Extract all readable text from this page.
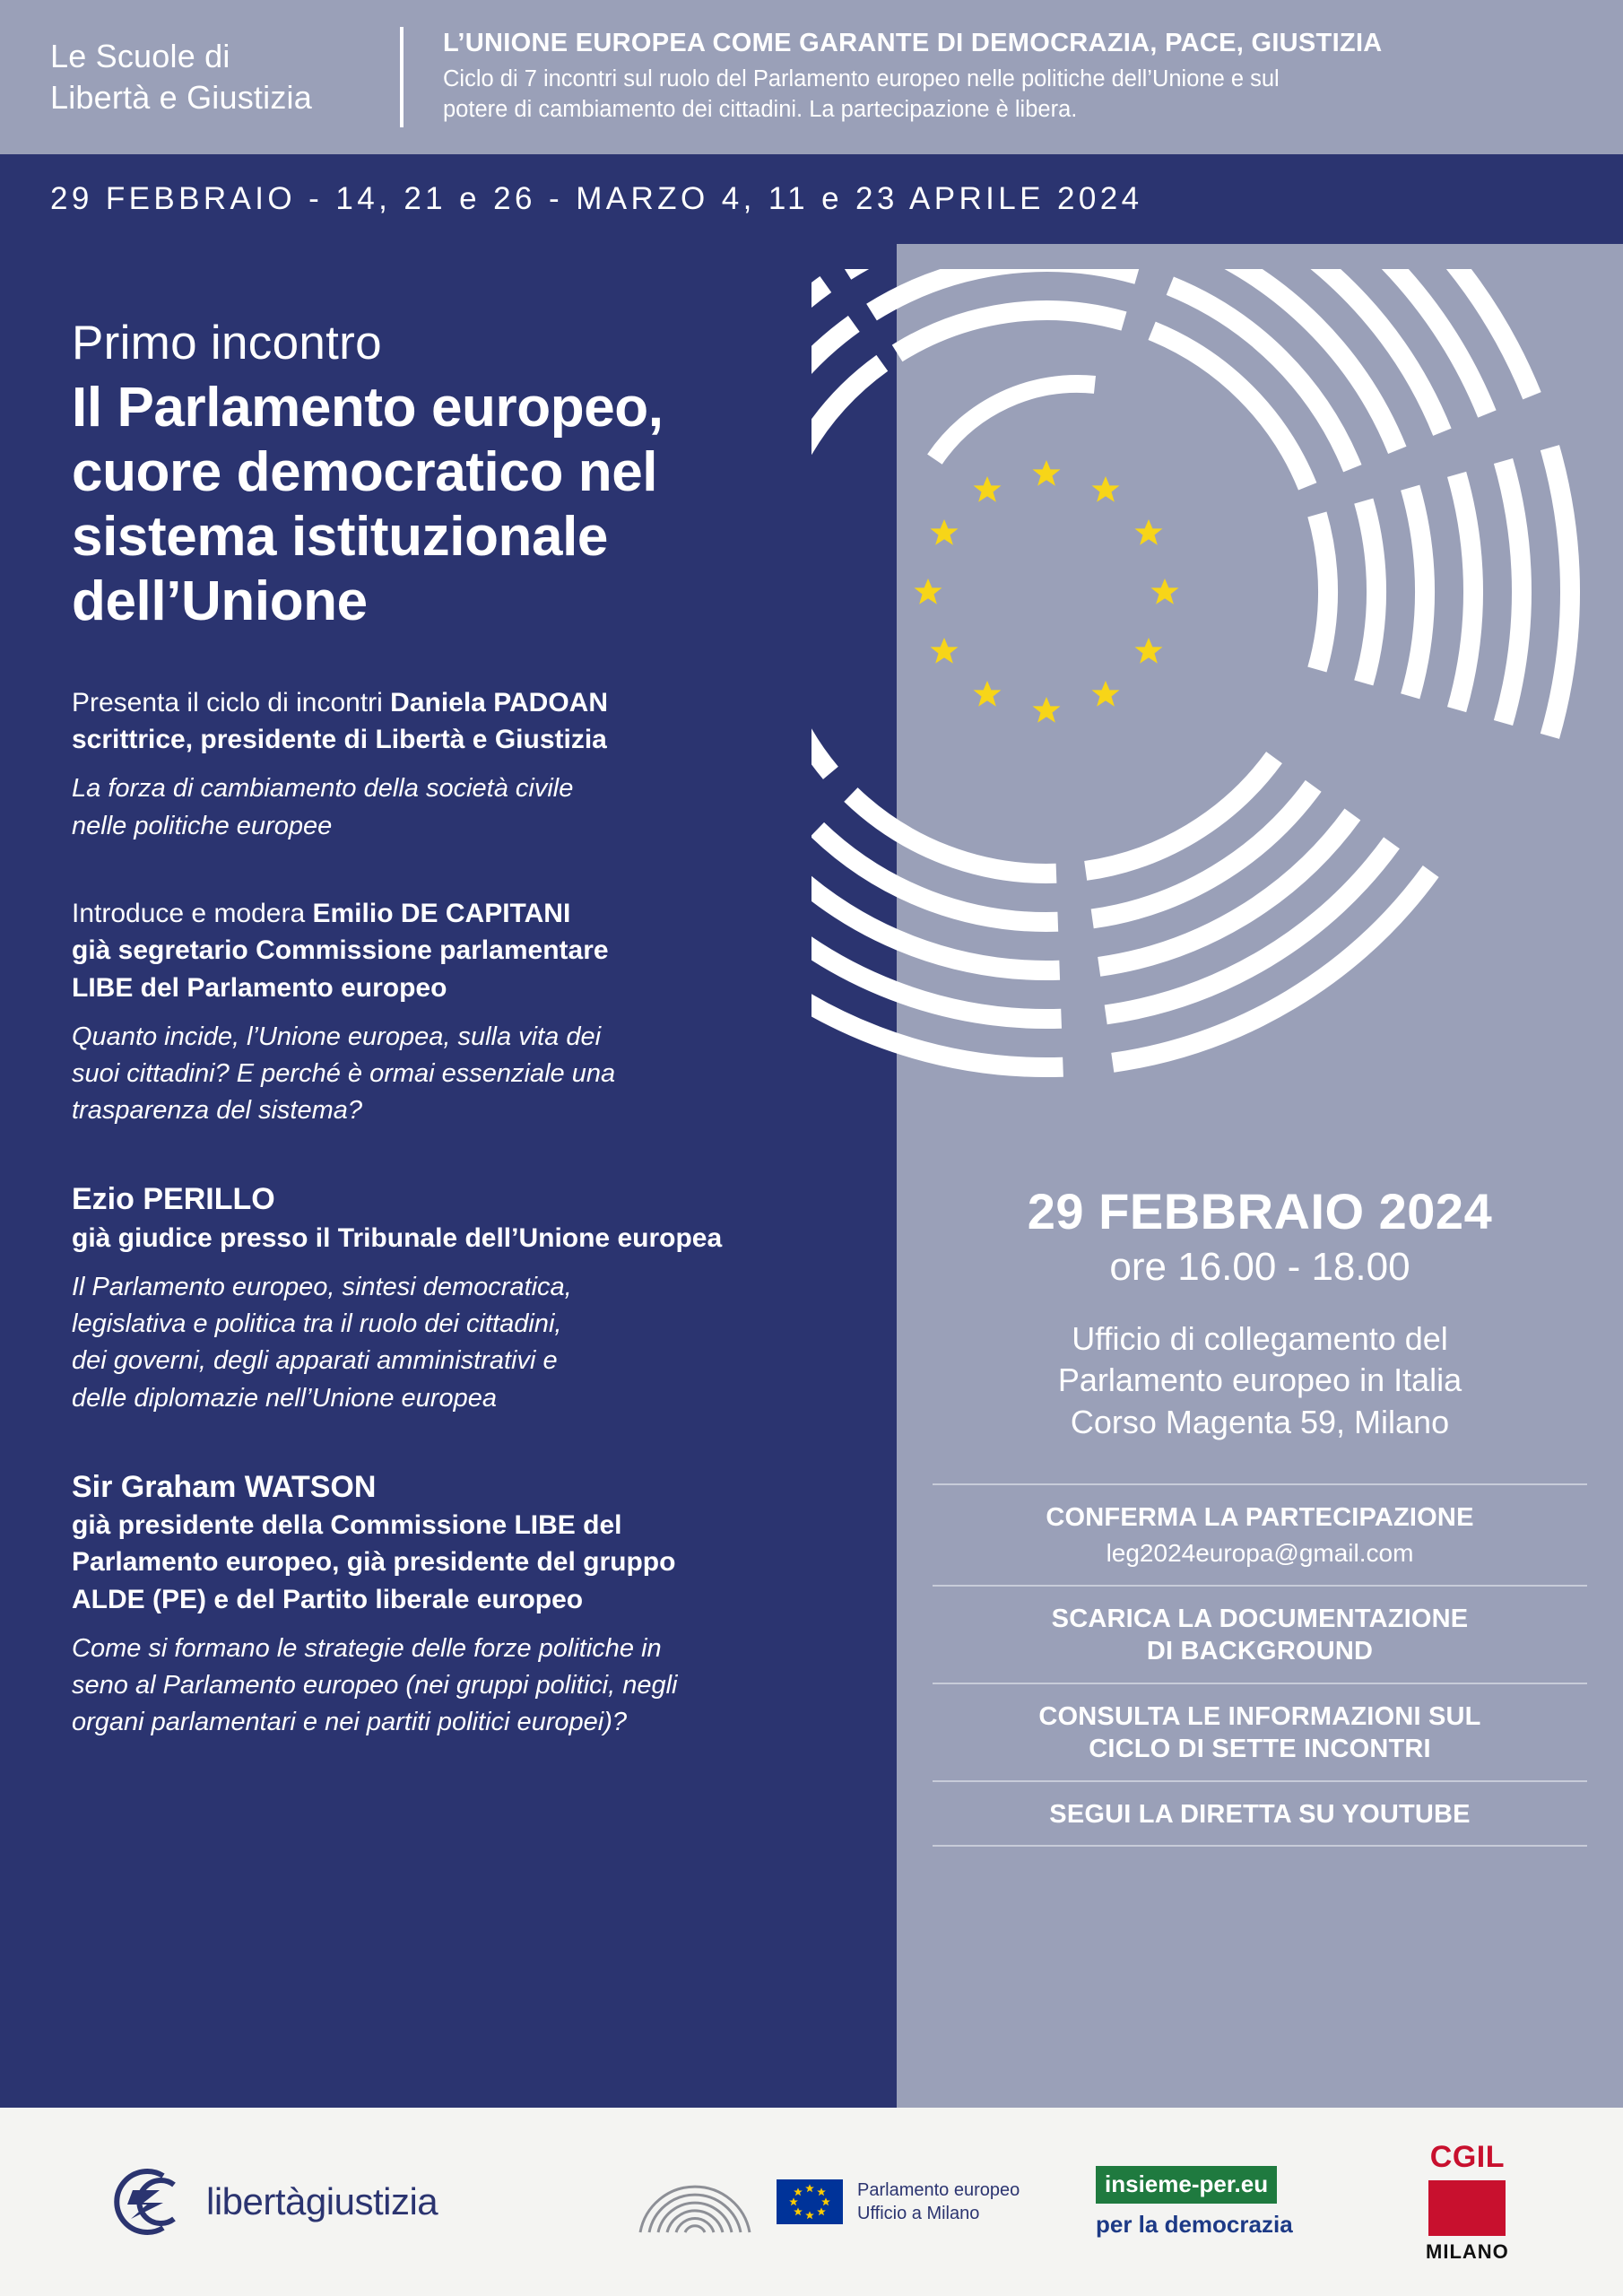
Le Scuole di
Libertà e Giustizia
L’UNIONE EUROPEA COME GARANTE DI DEMOCRAZIA, PACE, GIUSTIZIA
Ciclo di 7 incontri sul ruolo del Parlamento europeo nelle politiche dell’Unione e sul
potere di cambiamento dei cittadini. La partecipazione è libera.
29 FEBBRAIO - 14, 21 e 26 - MARZO 4, 11 e 23 APRILE 2024
Primo incontro
Il Parlamento europeo,
cuore democratico nel
sistema istituzionale
dell’Unione
Presenta il ciclo di incontri Daniela PADOAN
scrittrice, presidente di Libertà e Giustizia
La forza di cambiamento della società civile
nelle politiche europee
Introduce e modera Emilio DE CAPITANI
già segretario Commissione parlamentare
LIBE del Parlamento europeo
Quanto incide, l’Unione europea, sulla vita dei
suoi cittadini? E perché è ormai essenziale una
trasparenza del sistema?
Ezio PERILLO
già giudice presso il Tribunale dell’Unione europea
Il Parlamento europeo, sintesi democratica,
legislativa e politica tra il ruolo dei cittadini,
dei governi, degli apparati amministrativi e
delle diplomazie nell’Unione europea
Sir Graham WATSON
già presidente della Commissione LIBE del
Parlamento europeo, già presidente del gruppo
ALDE (PE) e del Partito liberale europeo
Come si formano le strategie delle forze politiche in
seno al Parlamento europeo (nei gruppi politici, negli
organi parlamentari e nei partiti politici europei)?
29 FEBBRAIO 2024
ore 16.00 - 18.00
Ufficio di collegamento del
Parlamento europeo in Italia
Corso Magenta 59, Milano
CONFERMA LA PARTECIPAZIONE
leg2024europa@gmail.com
SCARICA LA DOCUMENTAZIONE
DI BACKGROUND
CONSULTA LE INFORMAZIONI SUL
CICLO DI SETTE INCONTRI
SEGUI LA DIRETTA SU YOUTUBE
libertàgiustizia	Parlamento europeo
Ufficio a Milano
insieme-per.eu
per la democrazia
CGIL
MILANO
